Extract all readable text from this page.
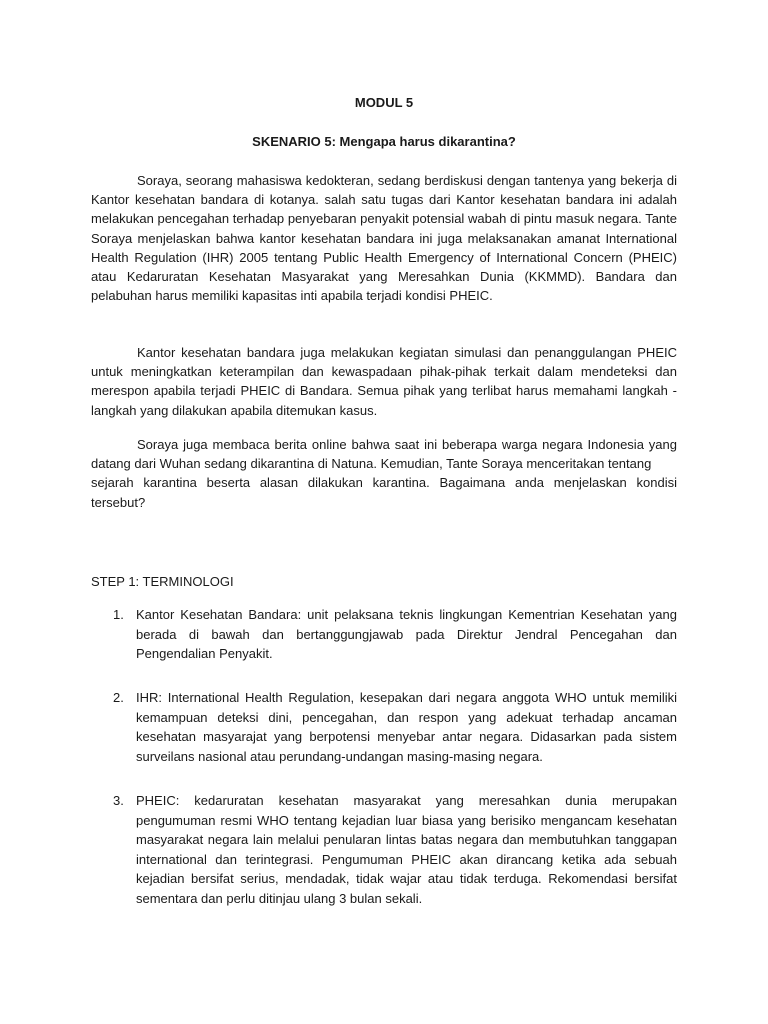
MODUL 5

SKENARIO 5: Mengapa harus dikarantina?

Soraya, seorang mahasiswa kedokteran, sedang berdiskusi dengan tantenya yang bekerja di Kantor kesehatan bandara di kotanya. salah satu tugas dari Kantor kesehatan bandara ini adalah melakukan pencegahan terhadap penyebaran penyakit potensial wabah di pintu masuk negara. Tante Soraya menjelaskan bahwa kantor kesehatan bandara ini juga melaksanakan amanat International Health Regulation (IHR) 2005 tentang Public Health Emergency of International Concern (PHEIC) atau Kedaruratan Kesehatan Masyarakat yang Meresahkan Dunia (KKMMD). Bandara dan pelabuhan harus memiliki kapasitas inti apabila terjadi kondisi PHEIC.

Kantor kesehatan bandara juga melakukan kegiatan simulasi dan penanggulangan PHEIC untuk meningkatkan keterampilan dan kewaspadaan pihak-pihak terkait dalam mendeteksi dan merespon apabila terjadi PHEIC di Bandara. Semua pihak yang terlibat harus memahami langkah - langkah yang dilakukan apabila ditemukan kasus.

Soraya juga membaca berita online bahwa saat ini beberapa warga negara Indonesia yang datang dari Wuhan sedang dikarantina di Natuna. Kemudian, Tante Soraya menceritakan tentang
sejarah karantina beserta alasan dilakukan karantina. Bagaimana anda menjelaskan kondisi tersebut?

STEP 1: TERMINOLOGI

1. Kantor Kesehatan Bandara: unit pelaksana teknis lingkungan Kementrian Kesehatan yang berada di bawah dan bertanggungjawab pada Direktur Jendral Pencegahan dan Pengendalian Penyakit.
2. IHR: International Health Regulation, kesepakan dari negara anggota WHO untuk memiliki kemampuan deteksi dini, pencegahan, dan respon yang adekuat terhadap ancaman kesehatan masyarajat yang berpotensi menyebar antar negara. Didasarkan pada sistem surveilans nasional atau perundang-undangan masing-masing negara.
3. PHEIC: kedaruratan kesehatan masyarakat yang meresahkan dunia merupakan pengumuman resmi WHO tentang kejadian luar biasa yang berisiko mengancam kesehatan masyarakat negara lain melalui penularan lintas batas negara dan membutuhkan tanggapan international dan terintegrasi. Pengumuman PHEIC akan dirancang ketika ada sebuah kejadian bersifat serius, mendadak, tidak wajar atau tidak terduga. Rekomendasi bersifat sementara dan perlu ditinjau ulang 3 bulan sekali.
